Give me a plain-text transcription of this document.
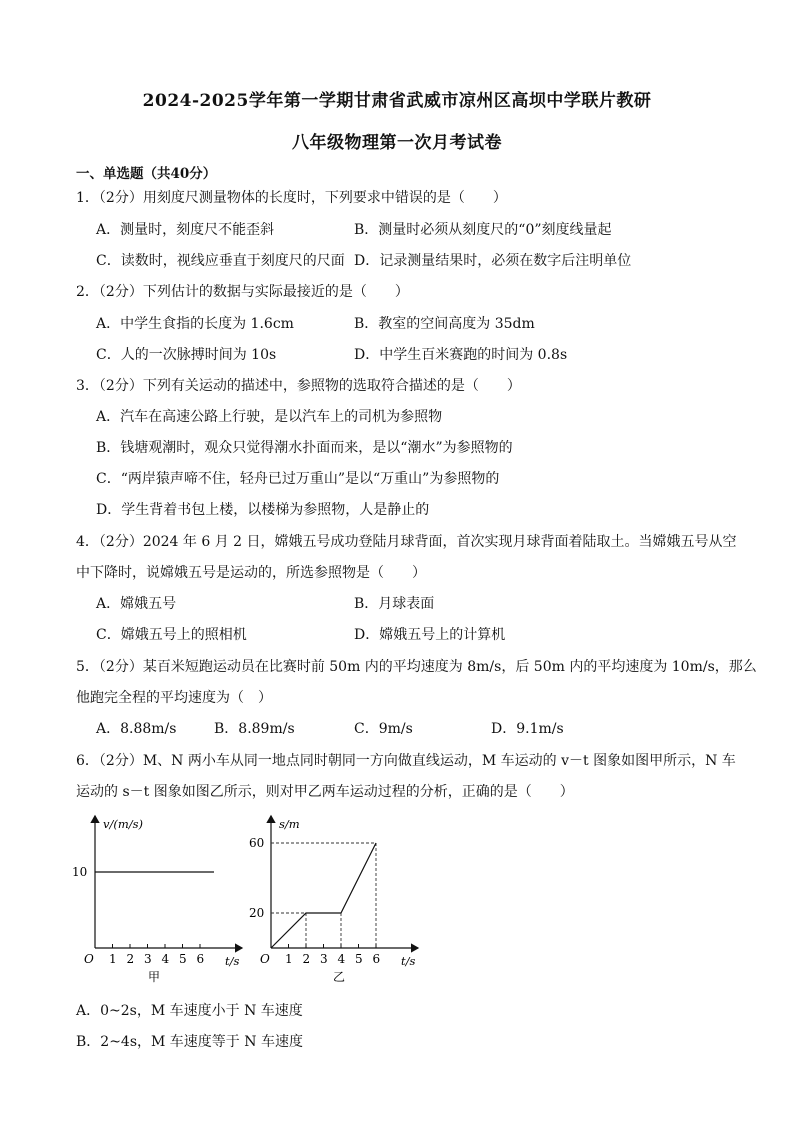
2024-2025学年第一学期甘肃省武威市凉州区高坝中学联片教研
八年级物理第一次月考试卷
一、单选题（共40分）
1．（2分）用刻度尺测量物体的长度时，下列要求中错误的是（　　）
A．测量时，刻度尺不能歪斜	B．测量时必须从刻度尺的“0”刻度线量起
C．读数时，视线应垂直于刻度尺的尺面 D．记录测量结果时，必须在数字后注明单位
2．（2分）下列估计的数据与实际最接近的是（　　）
A．中学生食指的长度为 1.6cm	B．教室的空间高度为 35dm
C．人的一次脉搏时间为 10s	D．中学生百米赛跑的时间为 0.8s
3．（2分）下列有关运动的描述中，参照物的选取符合描述的是（　　）
A．汽车在高速公路上行驶，是以汽车上的司机为参照物
B．钱塘观潮时，观众只觉得潮水扑面而来，是以“潮水”为参照物的
C．“两岸猿声啼不住，轻舟已过万重山”是以“万重山”为参照物的
D．学生背着书包上楼，以楼梯为参照物，人是静止的
4．（2分）2024 年 6 月 2 日，嫦娥五号成功登陆月球背面，首次实现月球背面着陆取土。当嫦娥五号从空
中下降时，说嫦娥五号是运动的，所选参照物是（　　）
A．嫦娥五号	B．月球表面
C．嫦娥五号上的照相机	D．嫦娥五号上的计算机
5．（2分）某百米短跑运动员在比赛时前 50m 内的平均速度为 8m/s，后 50m 内的平均速度为 10m/s，那么
他跑完全程的平均速度为（　）
A．8.88m/s	B．8.89m/s	C．9m/s	D．9.1m/s
6．（2分）M、N 两小车从同一地点同时朝同一方向做直线运动，M 车运动的 v－t 图象如图甲所示，N 车
运动的 s－t 图象如图乙所示，则对甲乙两车运动过程的分析，正确的是（　　）
1 2 3 4 5 6
10
v/(m/s)
t/s
O
甲
1 2 3 4 5 6
20
60
s/m
t/s
O
乙
A．0~2s，M 车速度小于 N 车速度
B．2~4s，M 车速度等于 N 车速度
